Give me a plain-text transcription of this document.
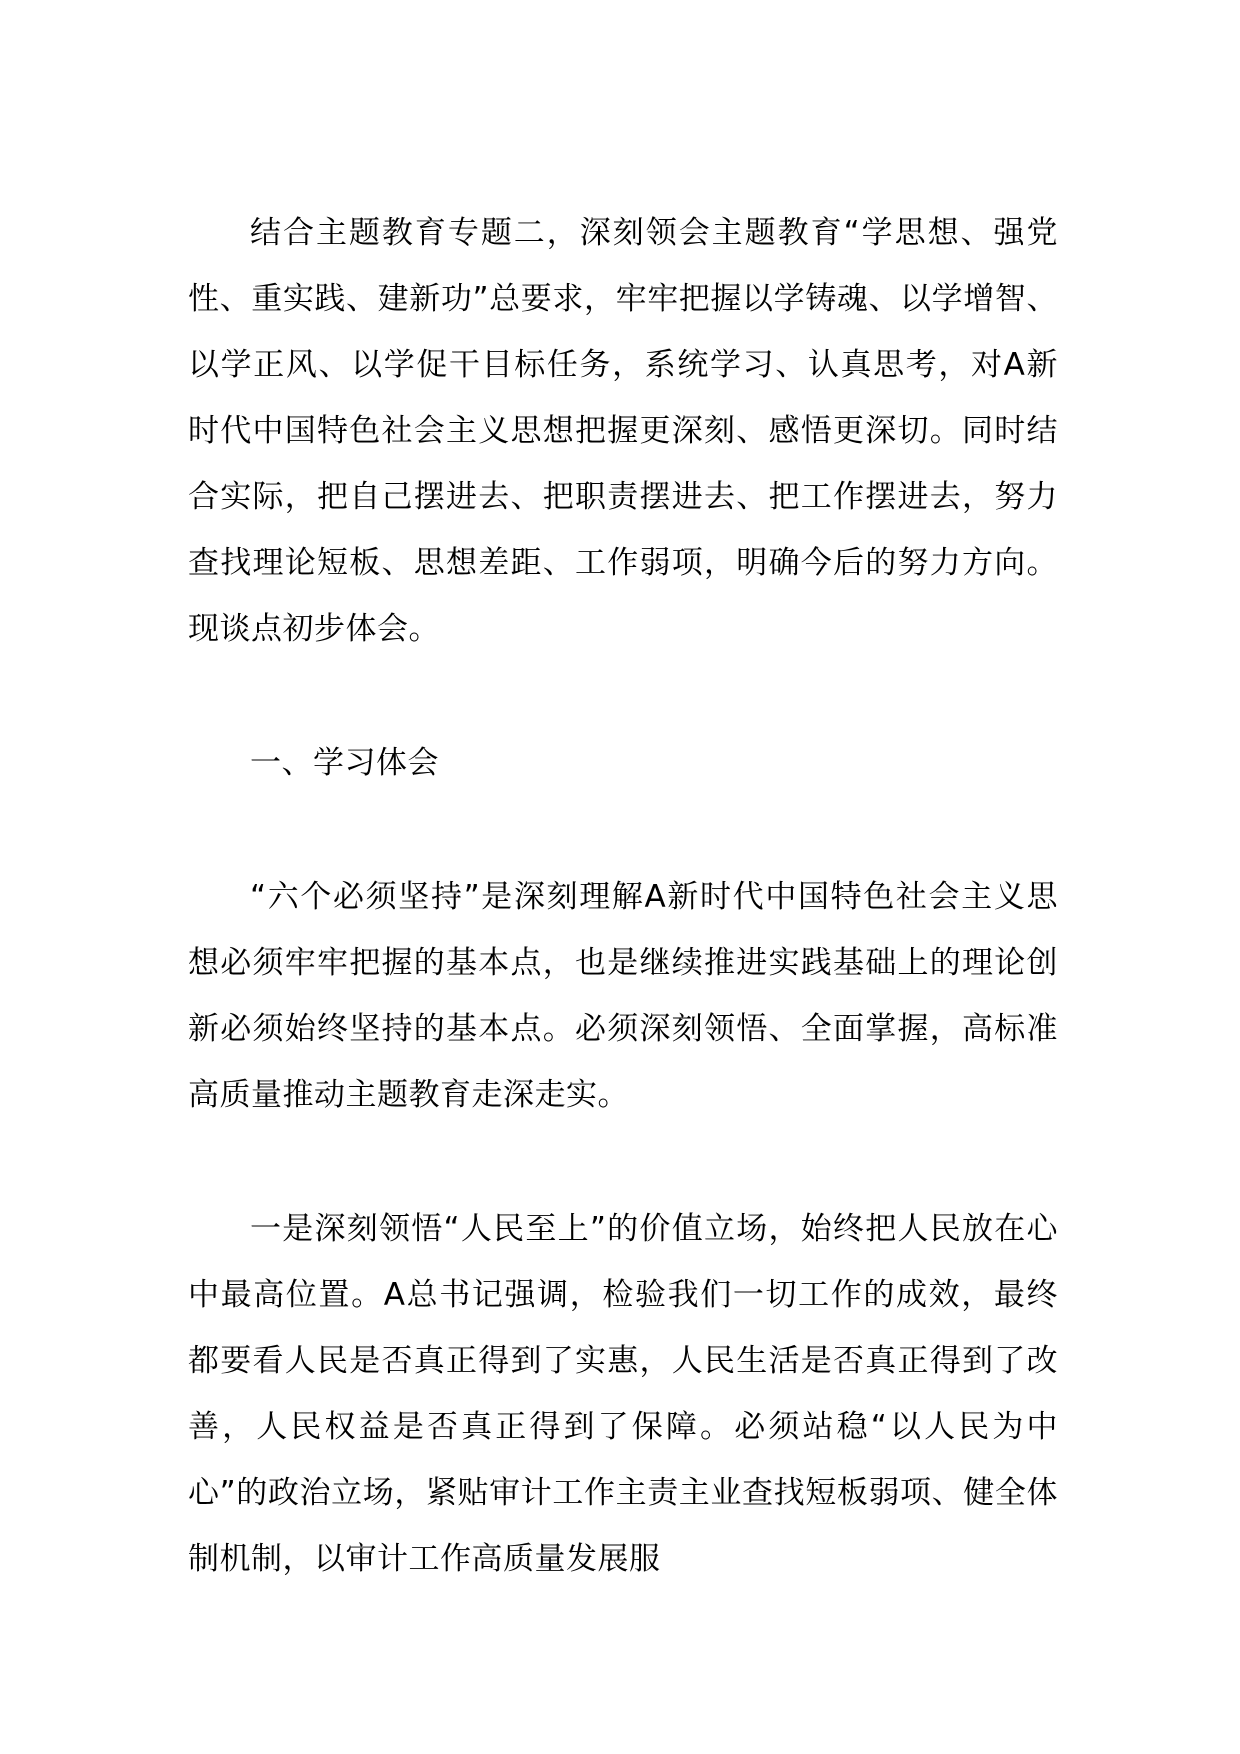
结合主题教育专题二，深刻领会主题教育“学思想、强党性、重实践、建新功”总要求，牢牢把握以学铸魂、以学增智、以学正风、以学促干目标任务，系统学习、认真思考，对A新时代中国特色社会主义思想把握更深刻、感悟更深切。同时结合实际，把自己摆进去、把职责摆进去、把工作摆进去，努力查找理论短板、思想差距、工作弱项，明确今后的努力方向。现谈点初步体会。

一、学习体会

“六个必须坚持”是深刻理解A新时代中国特色社会主义思想必须牢牢把握的基本点，也是继续推进实践基础上的理论创新必须始终坚持的基本点。必须深刻领悟、全面掌握，高标准高质量推动主题教育走深走实。

一是深刻领悟“人民至上”的价值立场，始终把人民放在心中最高位置。A总书记强调，检验我们一切工作的成效，最终都要看人民是否真正得到了实惠，人民生活是否真正得到了改善，人民权益是否真正得到了保障。必须站稳“以人民为中心”的政治立场，紧贴审计工作主责主业查找短板弱项、健全体制机制，以审计工作高质量发展服
